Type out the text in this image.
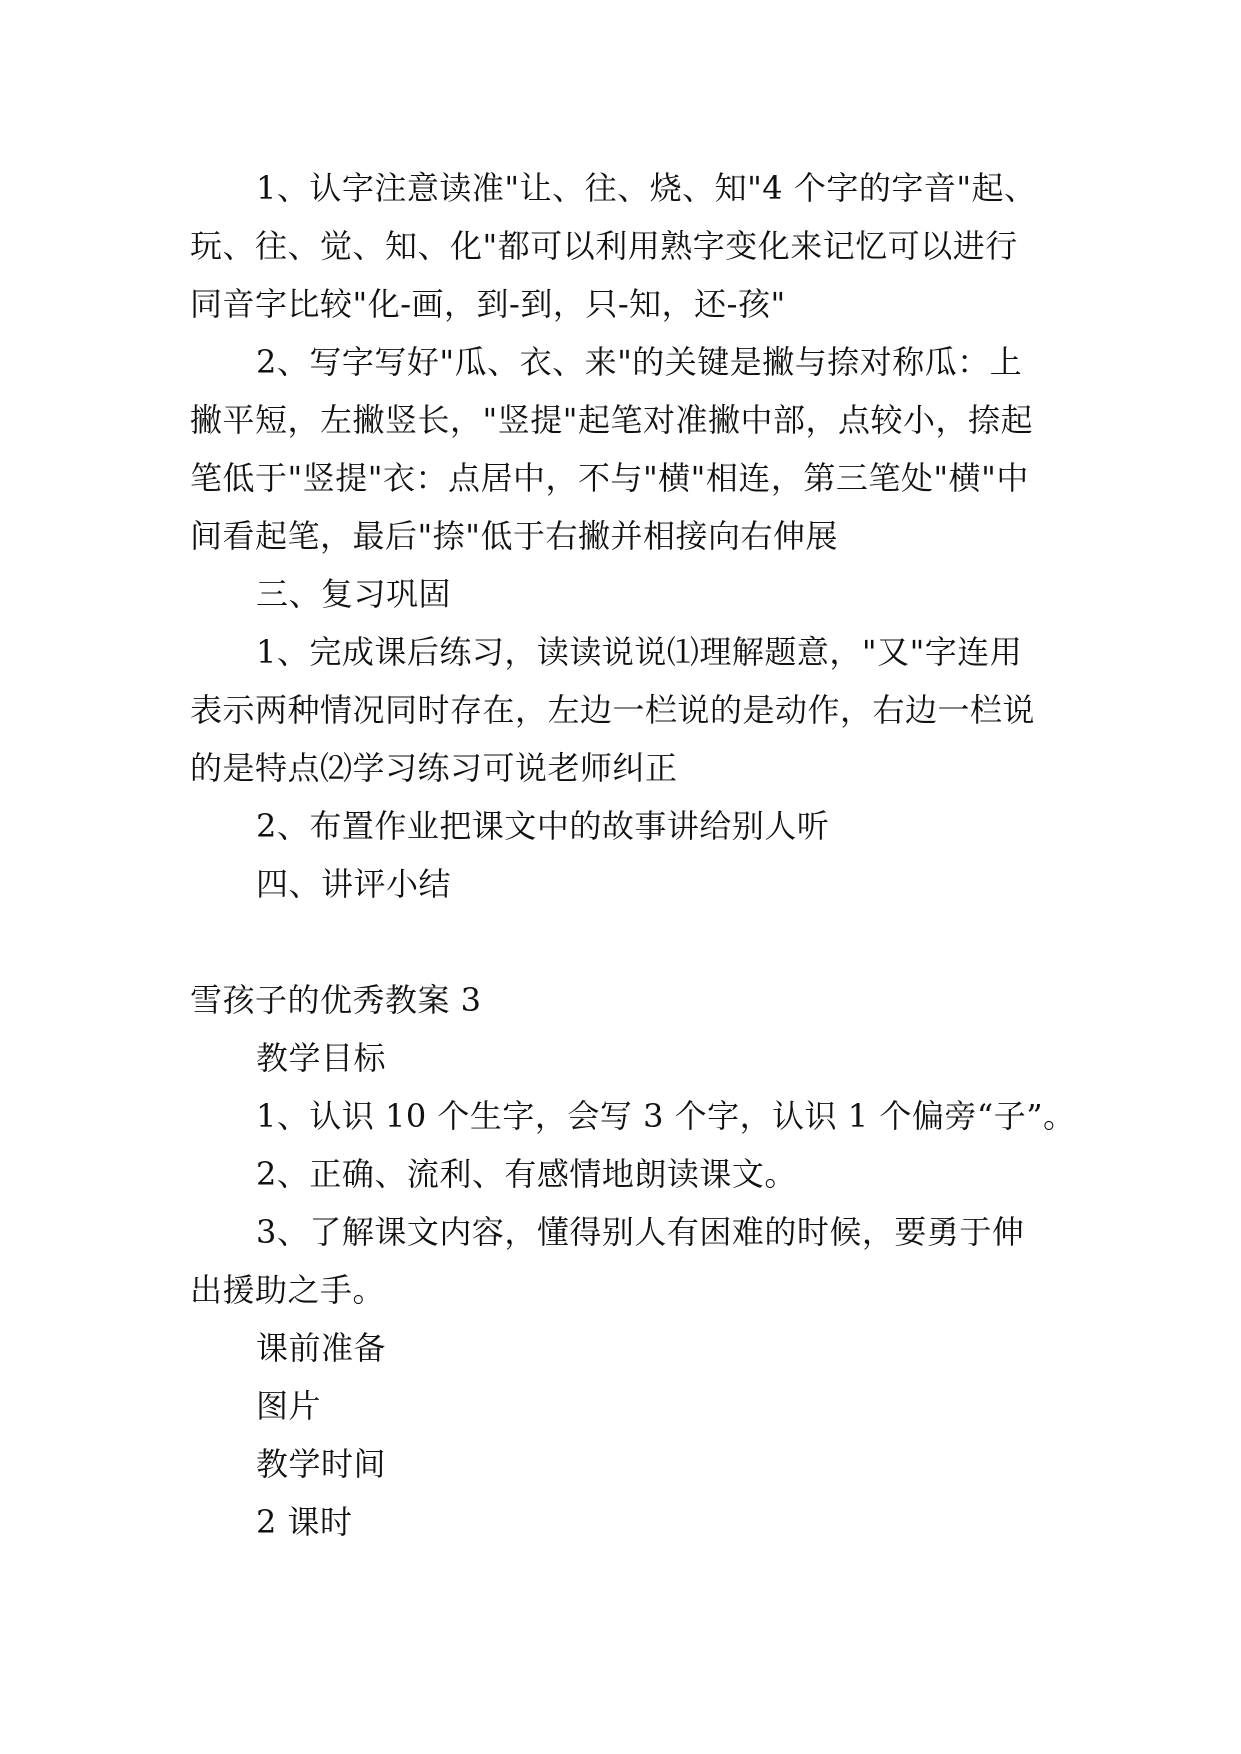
1、认字注意读准"让、往、烧、知"4 个字的字音"起、
玩、往、觉、知、化"都可以利用熟字变化来记忆可以进行
同音字比较"化-画，到-到，只-知，还-孩"
2、写字写好"瓜、衣、来"的关键是撇与捺对称瓜：上
撇平短，左撇竖长，"竖提"起笔对准撇中部，点较小，捺起
笔低于"竖提"衣：点居中，不与"横"相连，第三笔处"横"中
间看起笔，最后"捺"低于右撇并相接向右伸展
三、复习巩固
1、完成课后练习，读读说说⑴理解题意，"又"字连用
表示两种情况同时存在，左边一栏说的是动作，右边一栏说
的是特点⑵学习练习可说老师纠正
2、布置作业把课文中的故事讲给别人听
四、讲评小结
雪孩子的优秀教案 3
教学目标
1、认识 10 个生字，会写 3 个字，认识 1 个偏旁“子”。
2、正确、流利、有感情地朗读课文。
3、了解课文内容，懂得别人有困难的时候，要勇于伸
出援助之手。
课前准备
图片
教学时间
2 课时
